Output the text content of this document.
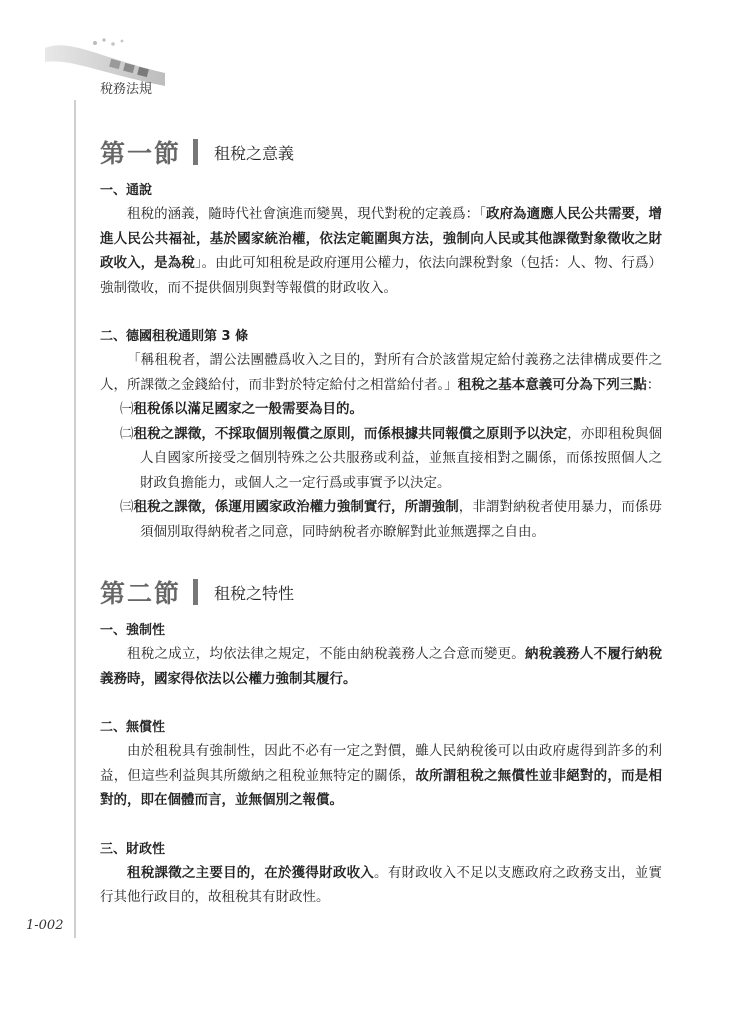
稅務法規
第一節 租稅之意義
一、通說

租稅的涵義，隨時代社會演進而變異，現代對稅的定義爲：「政府為適應人民公共需要，增進人民公共福祉，基於國家統治權，依法定範圍與方法，強制向人民或其他課徵對象徵收之財政收入，是為稅」。由此可知租稅是政府運用公權力，依法向課稅對象（包括：人、物、行爲）強制徵收，而不提供個別與對等報償的財政收入。

二、德國租稅通則第 3 條

「稱租稅者，謂公法團體爲收入之目的，對所有合於該當規定給付義務之法律構成要件之人，所課徵之金錢給付，而非對於特定給付之相當給付者。」租稅之基本意義可分為下列三點：

㈠租稅係以滿足國家之一般需要為目的。
㈡租稅之課徵，不採取個別報償之原則，而係根據共同報償之原則予以決定，亦即租稅與個人自國家所接受之個別特殊之公共服務或利益，並無直接相對之關係，而係按照個人之財政負擔能力，或個人之一定行爲或事實予以決定。
㈢租稅之課徵，係運用國家政治權力強制實行，所謂強制，非謂對納稅者使用暴力，而係毋須個別取得納稅者之同意，同時納稅者亦瞭解對此並無選擇之自由。
第二節 租稅之特性
一、強制性

租稅之成立，均依法律之規定，不能由納稅義務人之合意而變更。納稅義務人不履行納稅義務時，國家得依法以公權力強制其履行。

二、無償性

由於租稅具有強制性，因此不必有一定之對價，雖人民納稅後可以由政府處得到許多的利益，但這些利益與其所繳納之租稅並無特定的關係，故所謂租稅之無償性並非絕對的，而是相對的，即在個體而言，並無個別之報償。

三、財政性

租稅課徵之主要目的，在於獲得財政收入。有財政收入不足以支應政府之政務支出，並實行其他行政目的，故租稅其有財政性。

1-002
